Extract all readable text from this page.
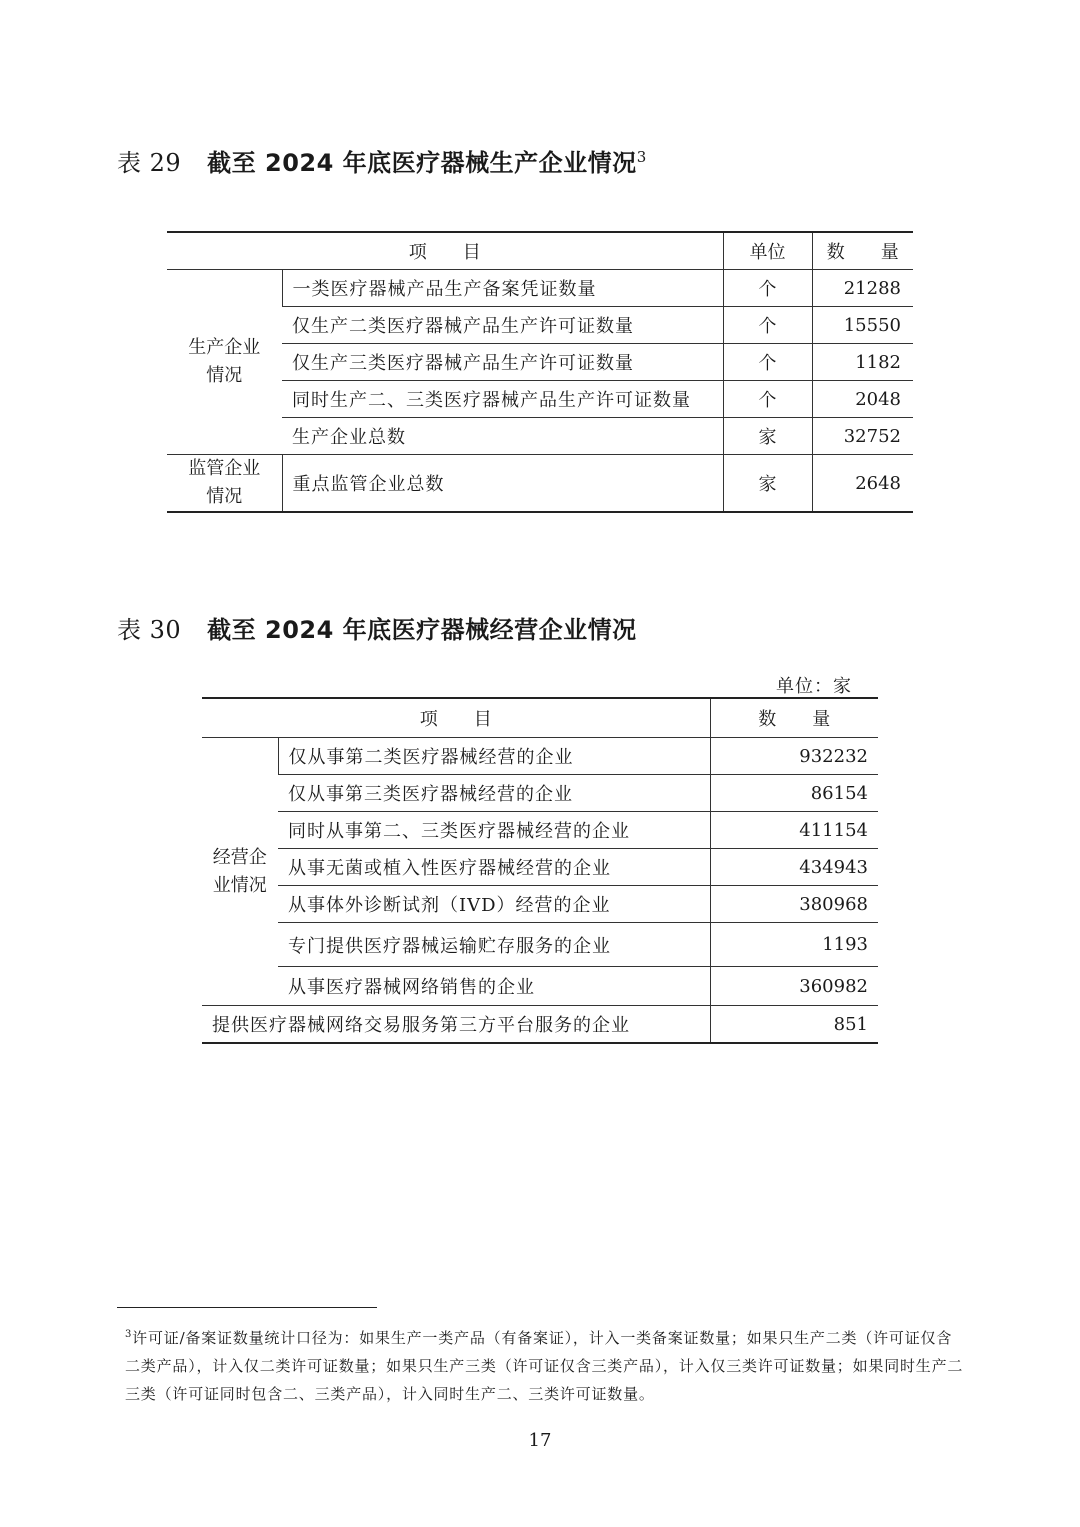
表 29 截至 2024 年底医疗器械生产企业情况$^3$
项　　目		单位	数　　量
生产企业
情况	一类医疗器械产品生产备案凭证数量	个	21288
	仅生产二类医疗器械产品生产许可证数量	个	15550
	仅生产三类医疗器械产品生产许可证数量	个	1182
	同时生产二、三类医疗器械产品生产许可证数量	个	2048
	生产企业总数	家	32752
监管企业
情况	重点监管企业总数	家	2648
表 30 截至 2024 年底医疗器械经营企业情况
单位：家
项　　目		数　　量
经营企
业情况	仅从事第二类医疗器械经营的企业	932232
	仅从事第三类医疗器械经营的企业	86154
	同时从事第二、三类医疗器械经营的企业	411154
	从事无菌或植入性医疗器械经营的企业	434943
	从事体外诊断试剂（IVD）经营的企业	380968
	专门提供医疗器械运输贮存服务的企业	1193
	从事医疗器械网络销售的企业	360982
提供医疗器械网络交易服务第三方平台服务的企业		851
$^3$许可证/备案证数量统计口径为：如果生产一类产品（有备案证），计入一类备案证数量；如果只生产二类（许可证仅含二类产品），计入仅二类许可证数量；如果只生产三类（许可证仅含三类产品），计入仅三类许可证数量；如果同时生产二三类（许可证同时包含二、三类产品），计入同时生产二、三类许可证数量。
17
